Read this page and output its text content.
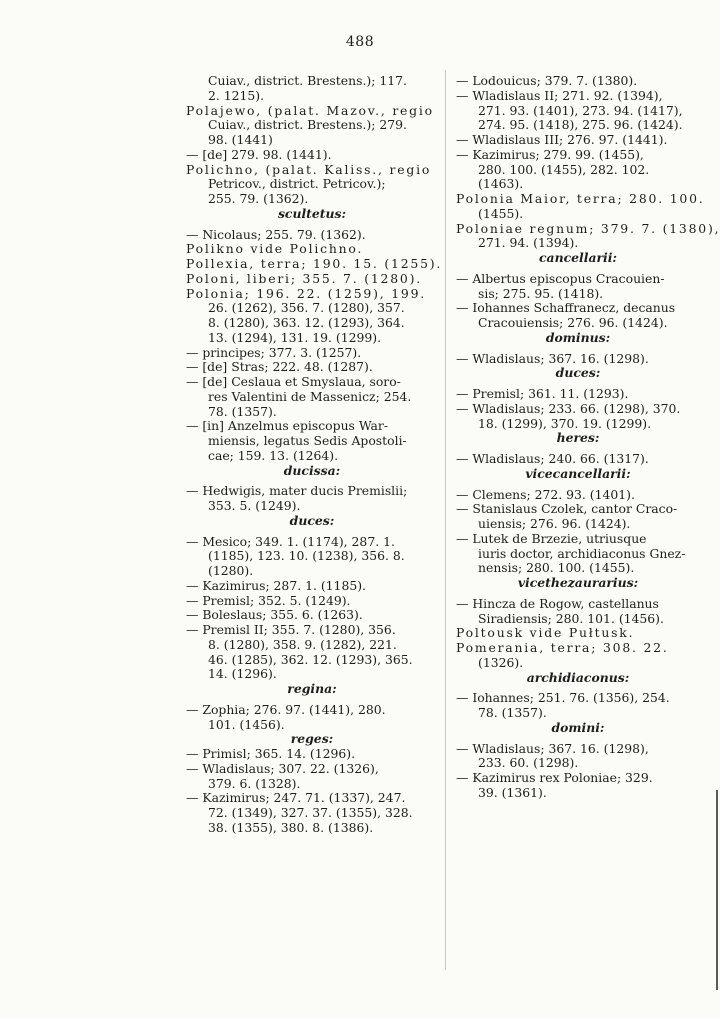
488
Cuiav., district. Brestens.); 117.
2. 1215).
Polajewo, (palat. Mazov., regio
Cuiav., district. Brestens.); 279.
98. (1441)
— [de] 279. 98. (1441).
Polichno, (palat. Kaliss., regio
Petricov., district. Petricov.);
255. 79. (1362).
scultetus:
— Nicolaus; 255. 79. (1362).
Polikno vide Polichno.
Pollexia, terra; 190. 15. (1255).
Poloni, liberi; 355. 7. (1280).
Polonia; 196. 22. (1259), 199.
26. (1262), 356. 7. (1280), 357.
8. (1280), 363. 12. (1293), 364.
13. (1294), 131. 19. (1299).
— principes; 377. 3. (1257).
— [de] Stras; 222. 48. (1287).
— [de] Ceslaua et Smyslaua, soro-
res Valentini de Massenicz; 254.
78. (1357).
— [in] Anzelmus episcopus War-
miensis, legatus Sedis Apostoli-
cae; 159. 13. (1264).
ducissa:
— Hedwigis, mater ducis Premislii;
353. 5. (1249).
duces:
— Mesico; 349. 1. (1174), 287. 1.
(1185), 123. 10. (1238), 356. 8.
(1280).
— Kazimirus; 287. 1. (1185).
— Premisl; 352. 5. (1249).
— Boleslaus; 355. 6. (1263).
— Premisl II; 355. 7. (1280), 356.
8. (1280), 358. 9. (1282), 221.
46. (1285), 362. 12. (1293), 365.
14. (1296).
regina:
— Zophia; 276. 97. (1441), 280.
101. (1456).
reges:
— Primisl; 365. 14. (1296).
— Wladislaus; 307. 22. (1326),
379. 6. (1328).
— Kazimirus; 247. 71. (1337), 247.
72. (1349), 327. 37. (1355), 328.
38. (1355), 380. 8. (1386).
— Lodouicus; 379. 7. (1380).
— Wladislaus II; 271. 92. (1394),
271. 93. (1401), 273. 94. (1417),
274. 95. (1418), 275. 96. (1424).
— Wladislaus III; 276. 97. (1441).
— Kazimirus; 279. 99. (1455),
280. 100. (1455), 282. 102.
(1463).
Polonia Maior, terra; 280. 100.
(1455).
Poloniae regnum; 379. 7. (1380),
271. 94. (1394).
cancellarii:
— Albertus episcopus Cracouien-
sis; 275. 95. (1418).
— Iohannes Schaffranecz, decanus
Cracouiensis; 276. 96. (1424).
dominus:
— Wladislaus; 367. 16. (1298).
duces:
— Premisl; 361. 11. (1293).
— Wladislaus; 233. 66. (1298), 370.
18. (1299), 370. 19. (1299).
heres:
— Wladislaus; 240. 66. (1317).
vicecancellarii:
— Clemens; 272. 93. (1401).
— Stanislaus Czolek, cantor Craco-
uiensis; 276. 96. (1424).
— Lutek de Brzezie, utriusque
iuris doctor, archidiaconus Gnez-
nensis; 280. 100. (1455).
vicethezaurarius:
— Hincza de Rogow, castellanus
Siradiensis; 280. 101. (1456).
Poltousk vide Pułtusk.
Pomerania, terra; 308. 22.
(1326).
archidiaconus:
— Iohannes; 251. 76. (1356), 254.
78. (1357).
domini:
— Wladislaus; 367. 16. (1298),
233. 60. (1298).
— Kazimirus rex Poloniae; 329.
39. (1361).
